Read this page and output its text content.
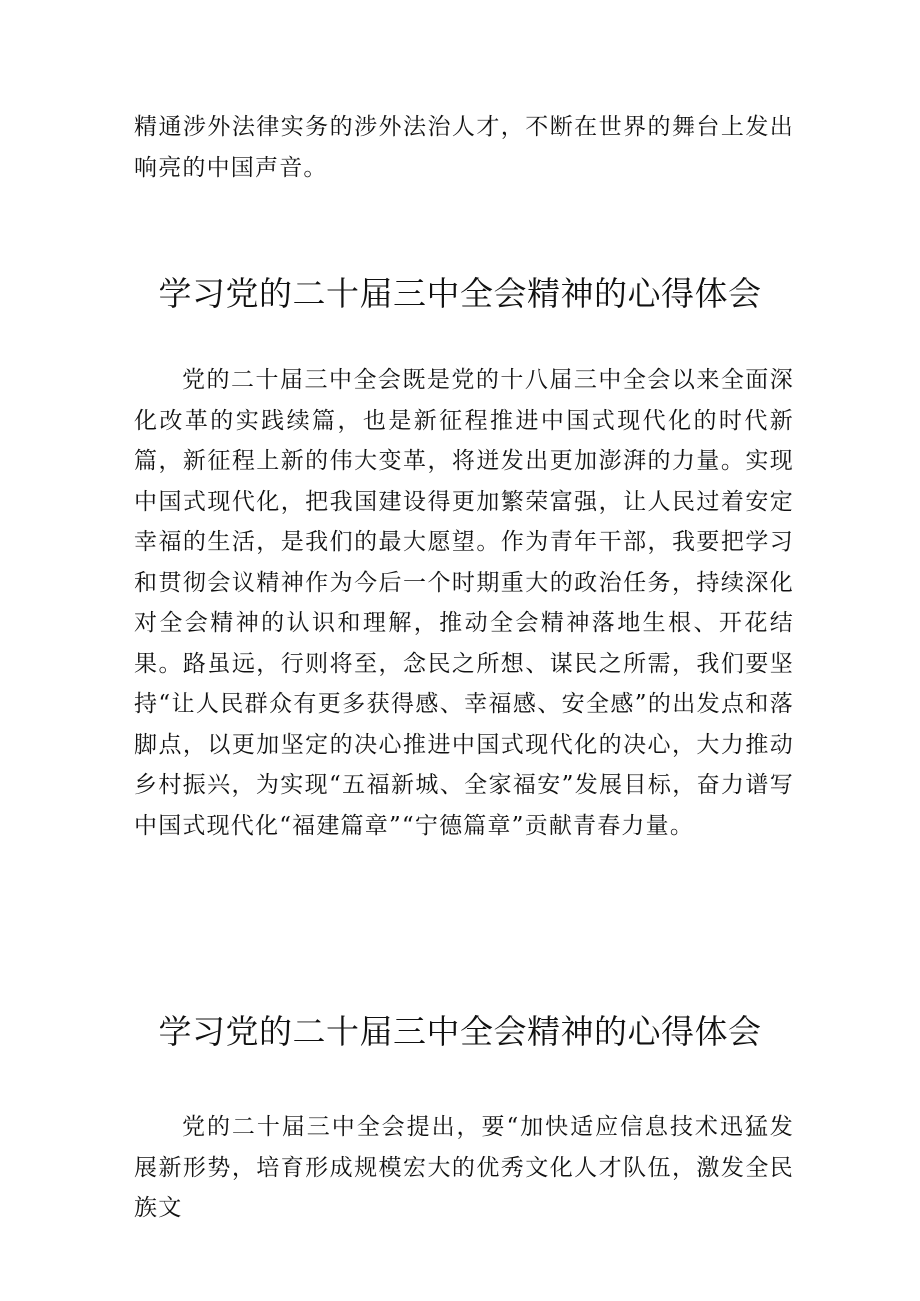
精通涉外法律实务的涉外法治人才，不断在世界的舞台上发出响亮的中国声音。

学习党的二十届三中全会精神的心得体会

党的二十届三中全会既是党的十八届三中全会以来全面深化改革的实践续篇，也是新征程推进中国式现代化的时代新篇，新征程上新的伟大变革，将迸发出更加澎湃的力量。实现中国式现代化，把我国建设得更加繁荣富强，让人民过着安定幸福的生活，是我们的最大愿望。作为青年干部，我要把学习和贯彻会议精神作为今后一个时期重大的政治任务，持续深化对全会精神的认识和理解，推动全会精神落地生根、开花结果。路虽远，行则将至，念民之所想、谋民之所需，我们要坚持“让人民群众有更多获得感、幸福感、安全感”的出发点和落脚点，以更加坚定的决心推进中国式现代化的决心，大力推动乡村振兴，为实现“五福新城、全家福安”发展目标，奋力谱写中国式现代化“福建篇章”“宁德篇章”贡献青春力量。

学习党的二十届三中全会精神的心得体会

党的二十届三中全会提出，要“加快适应信息技术迅猛发展新形势，培育形成规模宏大的优秀文化人才队伍，激发全民族文
